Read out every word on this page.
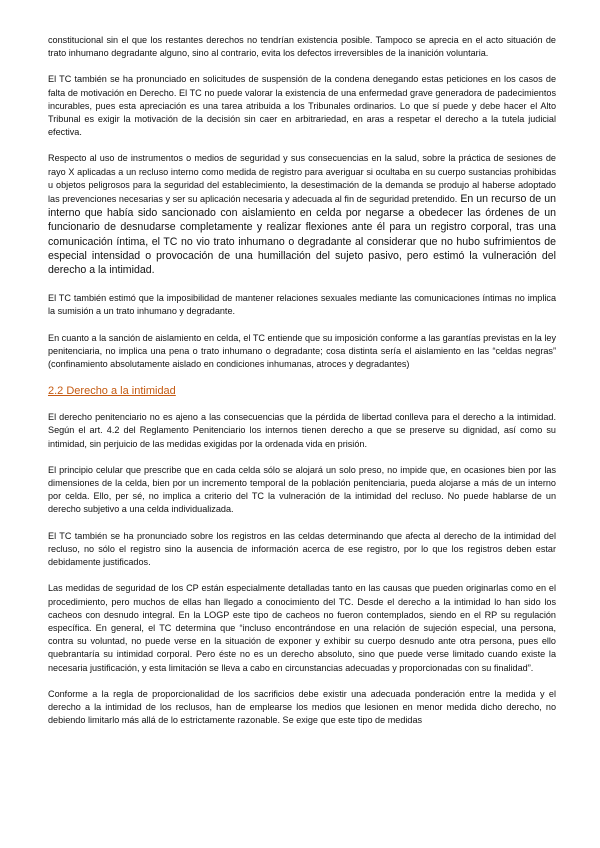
constitucional sin el que los restantes derechos no tendrían existencia posible. Tampoco se aprecia en el acto situación de trato inhumano degradante alguno, sino al contrario, evita los defectos irreversibles de la inanición voluntaria.

El TC también se ha pronunciado en solicitudes de suspensión de la condena denegando estas peticiones en los casos de falta de motivación en Derecho. El TC no puede valorar la existencia de una enfermedad grave generadora de padecimientos incurables, pues esta apreciación es una tarea atribuida a los Tribunales ordinarios. Lo que sí puede y debe hacer el Alto Tribunal es exigir la motivación de la decisión sin caer en arbitrariedad, en aras a respetar el derecho a la tutela judicial efectiva.

Respecto al uso de instrumentos o medios de seguridad y sus consecuencias en la salud, sobre la práctica de sesiones de rayo X aplicadas a un recluso interno como medida de registro para averiguar si ocultaba en su cuerpo sustancias prohibidas u objetos peligrosos para la seguridad del establecimiento, la desestimación de la demanda se produjo al haberse adoptado las prevenciones necesarias y ser su aplicación necesaria y adecuada al fin de seguridad pretendido. En un recurso de un interno que había sido sancionado con aislamiento en celda por negarse a obedecer las órdenes de un funcionario de desnudarse completamente y realizar flexiones ante él para un registro corporal, tras una comunicación íntima, el TC no vio trato inhumano o degradante al considerar que no hubo sufrimientos de especial intensidad o provocación de una humillación del sujeto pasivo, pero estimó la vulneración del derecho a la intimidad.

El TC también estimó que la imposibilidad de mantener relaciones sexuales mediante las comunicaciones íntimas no implica la sumisión a un trato inhumano y degradante.

En cuanto a la sanción de aislamiento en celda, el TC entiende que su imposición conforme a las garantías previstas en la ley penitenciaria, no implica una pena o trato inhumano o degradante; cosa distinta sería el aislamiento en las “celdas negras” (confinamiento absolutamente aislado en condiciones inhumanas, atroces y degradantes)

2.2 Derecho a la intimidad

El derecho penitenciario no es ajeno a las consecuencias que la pérdida de libertad conlleva para el derecho a la intimidad. Según el art. 4.2 del Reglamento Penitenciario los internos tienen derecho a que se preserve su dignidad, así como su intimidad, sin perjuicio de las medidas exigidas por la ordenada vida en prisión.

El principio celular que prescribe que en cada celda sólo se alojará un solo preso, no impide que, en ocasiones bien por las dimensiones de la celda, bien por un incremento temporal de la población penitenciaria, pueda alojarse a más de un interno por celda. Ello, per sé, no implica a criterio del TC la vulneración de la intimidad del recluso. No puede hablarse de un derecho subjetivo a una celda individualizada.

El TC también se ha pronunciado sobre los registros en las celdas determinando que afecta al derecho de la intimidad del recluso, no sólo el registro sino la ausencia de información acerca de ese registro, por lo que los registros deben estar debidamente justificados.

Las medidas de seguridad de los CP están especialmente detalladas tanto en las causas que pueden originarlas como en el procedimiento, pero muchos de ellas han llegado a conocimiento del TC. Desde el derecho a la intimidad lo han sido los cacheos con desnudo integral. En la LOGP este tipo de cacheos no fueron contemplados, siendo en el RP su regulación específica. En general, el TC determina que “incluso encontrándose en una relación de sujeción especial, una persona, contra su voluntad, no puede verse en la situación de exponer y exhibir su cuerpo desnudo ante otra persona, pues ello quebrantaría su intimidad corporal. Pero éste no es un derecho absoluto, sino que puede verse limitado cuando existe la necesaria justificación, y esta limitación se lleva a cabo en circunstancias adecuadas y proporcionadas con su finalidad”.

Conforme a la regla de proporcionalidad de los sacrificios debe existir una adecuada ponderación entre la medida y el derecho a la intimidad de los reclusos, han de emplearse los medios que lesionen en menor medida dicho derecho, no debiendo limitarlo más allá de lo estrictamente razonable. Se exige que este tipo de medidas
